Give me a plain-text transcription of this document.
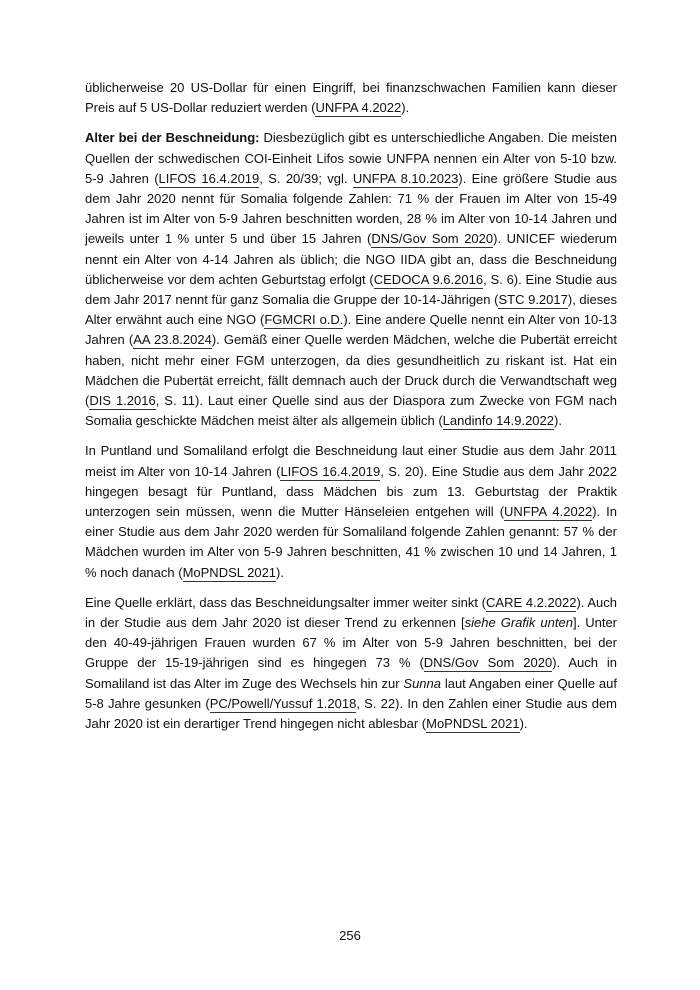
üblicherweise 20 US-Dollar für einen Eingriff, bei finanzschwachen Familien kann dieser Preis auf 5 US-Dollar reduziert werden (UNFPA 4.2022).

Alter bei der Beschneidung: Diesbezüglich gibt es unterschiedliche Angaben. Die meisten Quellen der schwedischen COI-Einheit Lifos sowie UNFPA nennen ein Alter von 5-10 bzw. 5-9 Jahren (LIFOS 16.4.2019, S. 20/39; vgl. UNFPA 8.10.2023). Eine größere Studie aus dem Jahr 2020 nennt für Somalia folgende Zahlen: 71 % der Frauen im Alter von 15-49 Jahren ist im Alter von 5-9 Jahren beschnitten worden, 28 % im Alter von 10-14 Jahren und jeweils unter 1 % unter 5 und über 15 Jahren (DNS/Gov Som 2020). UNICEF wiederum nennt ein Alter von 4-14 Jahren als üblich; die NGO IIDA gibt an, dass die Beschneidung üblicherweise vor dem achten Geburtstag erfolgt (CEDOCA 9.6.2016, S. 6). Eine Studie aus dem Jahr 2017 nennt für ganz Somalia die Gruppe der 10-14-Jährigen (STC 9.2017), dieses Alter erwähnt auch eine NGO (FGMCRI o.D.). Eine andere Quelle nennt ein Alter von 10-13 Jahren (AA 23.8.2024). Gemäß einer Quelle werden Mädchen, welche die Pubertät erreicht haben, nicht mehr einer FGM unterzogen, da dies gesundheitlich zu riskant ist. Hat ein Mädchen die Pubertät erreicht, fällt demnach auch der Druck durch die Verwandtschaft weg (DIS 1.2016, S. 11). Laut einer Quelle sind aus der Diaspora zum Zwecke von FGM nach Somalia geschickte Mädchen meist älter als allgemein üblich (Landinfo 14.9.2022).

In Puntland und Somaliland erfolgt die Beschneidung laut einer Studie aus dem Jahr 2011 meist im Alter von 10-14 Jahren (LIFOS 16.4.2019, S. 20). Eine Studie aus dem Jahr 2022 hingegen besagt für Puntland, dass Mädchen bis zum 13. Geburtstag der Praktik unterzogen sein müssen, wenn die Mutter Hänseleien entgehen will (UNFPA 4.2022). In einer Studie aus dem Jahr 2020 werden für Somaliland folgende Zahlen genannt: 57 % der Mädchen wurden im Alter von 5-9 Jahren beschnitten, 41 % zwischen 10 und 14 Jahren, 1 % noch danach (MoPNDSL 2021).

Eine Quelle erklärt, dass das Beschneidungsalter immer weiter sinkt (CARE 4.2.2022). Auch in der Studie aus dem Jahr 2020 ist dieser Trend zu erkennen [siehe Grafik unten]. Unter den 40-49-jährigen Frauen wurden 67 % im Alter von 5-9 Jahren beschnitten, bei der Gruppe der 15-19-jährigen sind es hingegen 73 % (DNS/Gov Som 2020). Auch in Somaliland ist das Alter im Zuge des Wechsels hin zur Sunna laut Angaben einer Quelle auf 5-8 Jahre gesunken (PC/Powell/Yussuf 1.2018, S. 22). In den Zahlen einer Studie aus dem Jahr 2020 ist ein derartiger Trend hingegen nicht ablesbar (MoPNDSL 2021).

256
